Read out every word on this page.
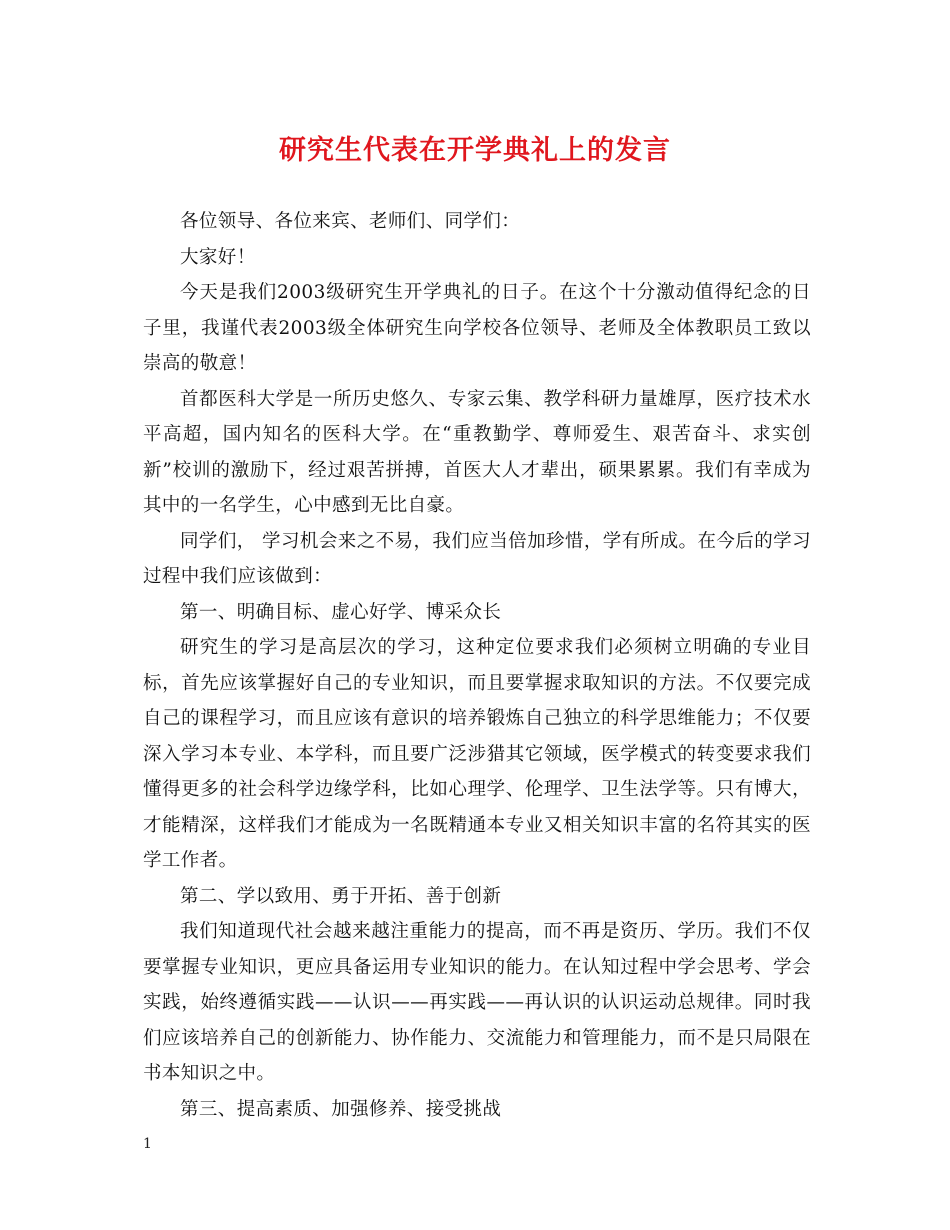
研究生代表在开学典礼上的发言

各位领导、各位来宾、老师们、同学们：

大家好！

今天是我们2003级研究生开学典礼的日子。在这个十分激动值得纪念的日子里，我谨代表2003级全体研究生向学校各位领导、老师及全体教职员工致以崇高的敬意！

首都医科大学是一所历史悠久、专家云集、教学科研力量雄厚，医疗技术水平高超，国内知名的医科大学。在“重教勤学、尊师爱生、艰苦奋斗、求实创新”校训的激励下，经过艰苦拼搏，首医大人才辈出，硕果累累。我们有幸成为其中的一名学生，心中感到无比自豪。

同学们， 学习机会来之不易，我们应当倍加珍惜，学有所成。在今后的学习过程中我们应该做到：

第一、明确目标、虚心好学、博采众长

研究生的学习是高层次的学习，这种定位要求我们必须树立明确的专业目标，首先应该掌握好自己的专业知识，而且要掌握求取知识的方法。不仅要完成自己的课程学习，而且应该有意识的培养锻炼自己独立的科学思维能力；不仅要深入学习本专业、本学科，而且要广泛涉猎其它领域，医学模式的转变要求我们懂得更多的社会科学边缘学科，比如心理学、伦理学、卫生法学等。只有博大，才能精深，这样我们才能成为一名既精通本专业又相关知识丰富的名符其实的医学工作者。

第二、学以致用、勇于开拓、善于创新

我们知道现代社会越来越注重能力的提高，而不再是资历、学历。我们不仅要掌握专业知识，更应具备运用专业知识的能力。在认知过程中学会思考、学会实践，始终遵循实践——认识——再实践——再认识的认识运动总规律。同时我们应该培养自己的创新能力、协作能力、交流能力和管理能力，而不是只局限在书本知识之中。

第三、提高素质、加强修养、接受挑战

1
